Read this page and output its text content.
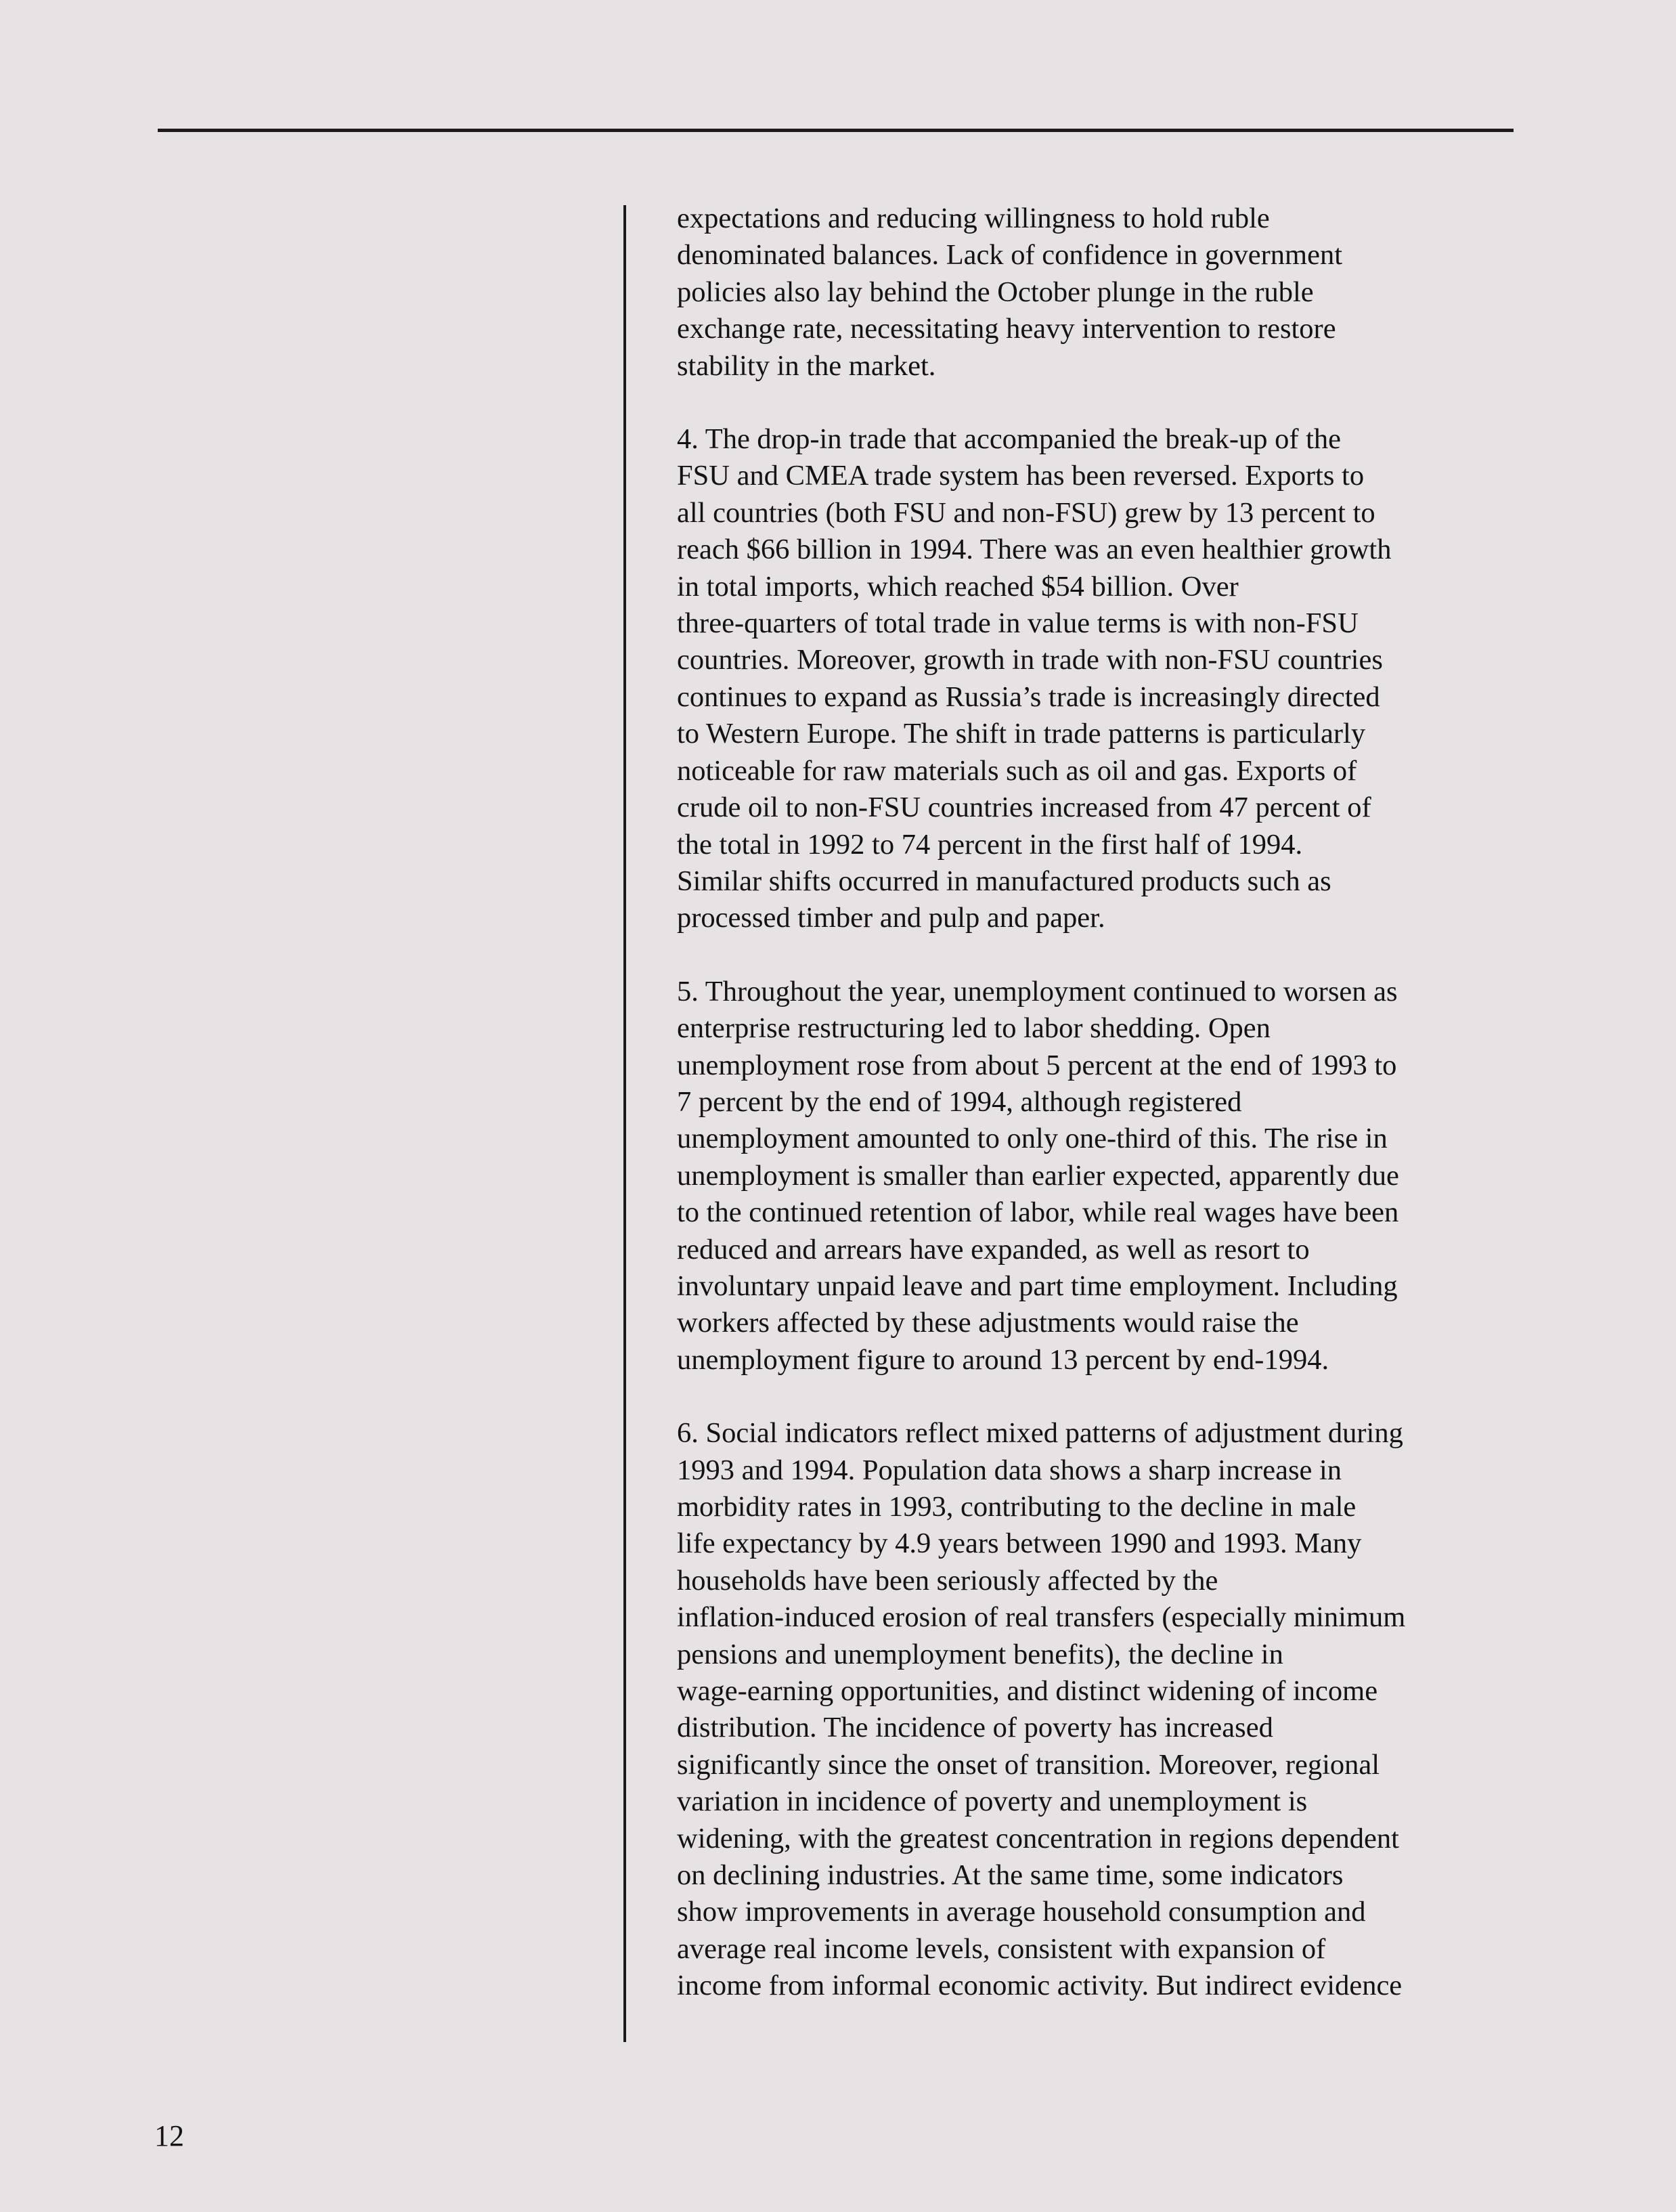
expectations and reducing willingness to hold ruble
denominated balances. Lack of confidence in government
policies also lay behind the October plunge in the ruble
exchange rate, necessitating heavy intervention to restore
stability in the market.

4. The drop-in trade that accompanied the break-up of the
FSU and CMEA trade system has been reversed. Exports to
all countries (both FSU and non-FSU) grew by 13 percent to
reach $66 billion in 1994. There was an even healthier growth
in total imports, which reached $54 billion. Over
three-quarters of total trade in value terms is with non-FSU
countries. Moreover, growth in trade with non-FSU countries
continues to expand as Russia’s trade is increasingly directed
to Western Europe. The shift in trade patterns is particularly
noticeable for raw materials such as oil and gas. Exports of
crude oil to non-FSU countries increased from 47 percent of
the total in 1992 to 74 percent in the first half of 1994.
Similar shifts occurred in manufactured products such as
processed timber and pulp and paper.

5. Throughout the year, unemployment continued to worsen as
enterprise restructuring led to labor shedding. Open
unemployment rose from about 5 percent at the end of 1993 to
7 percent by the end of 1994, although registered
unemployment amounted to only one-third of this. The rise in
unemployment is smaller than earlier expected, apparently due
to the continued retention of labor, while real wages have been
reduced and arrears have expanded, as well as resort to
involuntary unpaid leave and part time employment. Including
workers affected by these adjustments would raise the
unemployment figure to around 13 percent by end-1994.

6. Social indicators reflect mixed patterns of adjustment during
1993 and 1994. Population data shows a sharp increase in
morbidity rates in 1993, contributing to the decline in male
life expectancy by 4.9 years between 1990 and 1993. Many
households have been seriously affected by the
inflation-induced erosion of real transfers (especially minimum
pensions and unemployment benefits), the decline in
wage-earning opportunities, and distinct widening of income
distribution. The incidence of poverty has increased
significantly since the onset of transition. Moreover, regional
variation in incidence of poverty and unemployment is
widening, with the greatest concentration in regions dependent
on declining industries. At the same time, some indicators
show improvements in average household consumption and
average real income levels, consistent with expansion of
income from informal economic activity. But indirect evidence

12
